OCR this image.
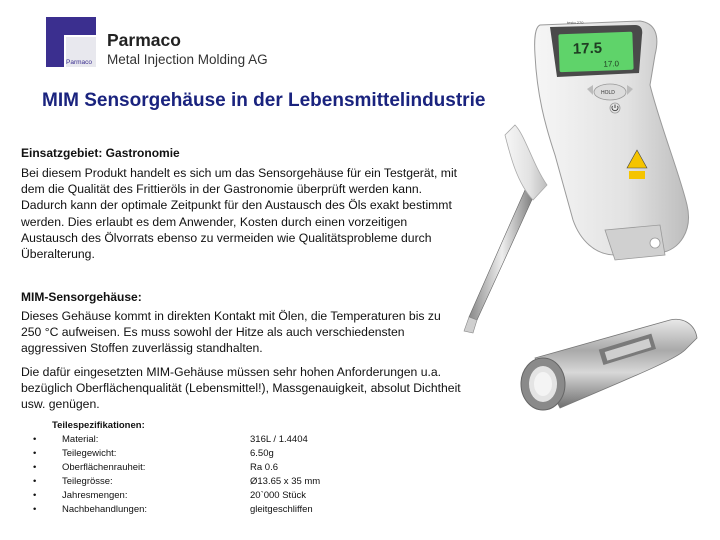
Parmaco
Parmaco
Metal Injection Molding AG
MIM Sensorgehäuse in der Lebensmittelindustrie
Einsatzgebiet: Gastronomie

Bei diesem Produkt handelt es sich um das Sensorgehäuse für ein Testgerät, mit dem die Qualität des Frittieröls in der Gastronomie überprüft werden kann. Dadurch kann der optimale Zeitpunkt für den Austausch des Öls exakt bestimmt werden. Dies erlaubt es dem Anwender, Kosten durch einen vorzeitigen Austausch des Ölvorrats ebenso zu vermeiden wie Qualitätsprobleme durch Überalterung.

MIM-Sensorgehäuse:

Dieses Gehäuse kommt in direkten Kontakt mit Ölen, die Temperaturen bis zu 250 °C aufweisen. Es muss sowohl der Hitze als auch verschiedensten aggressiven Stoffen zuverlässig standhalten.

Die dafür eingesetzten MIM-Gehäuse müssen sehr hohen Anforderungen u.a. bezüglich Oberflächenqualität (Lebensmittel!), Massgenauigkeit, absolut Dichtheit usw. genügen.

Teilespezifikationen:
•	Material:	316L / 1.4404
•	Teilegewicht:	6.50g
•	Oberflächenrauheit:	Ra 0.6
•	Teilegrösse:	Ø13.65 x 35 mm
•	Jahresmengen:	20`000 Stück
•	Nachbehandlungen:	gleitgeschliffen
17.5
17.0
testo 270
HOLD
